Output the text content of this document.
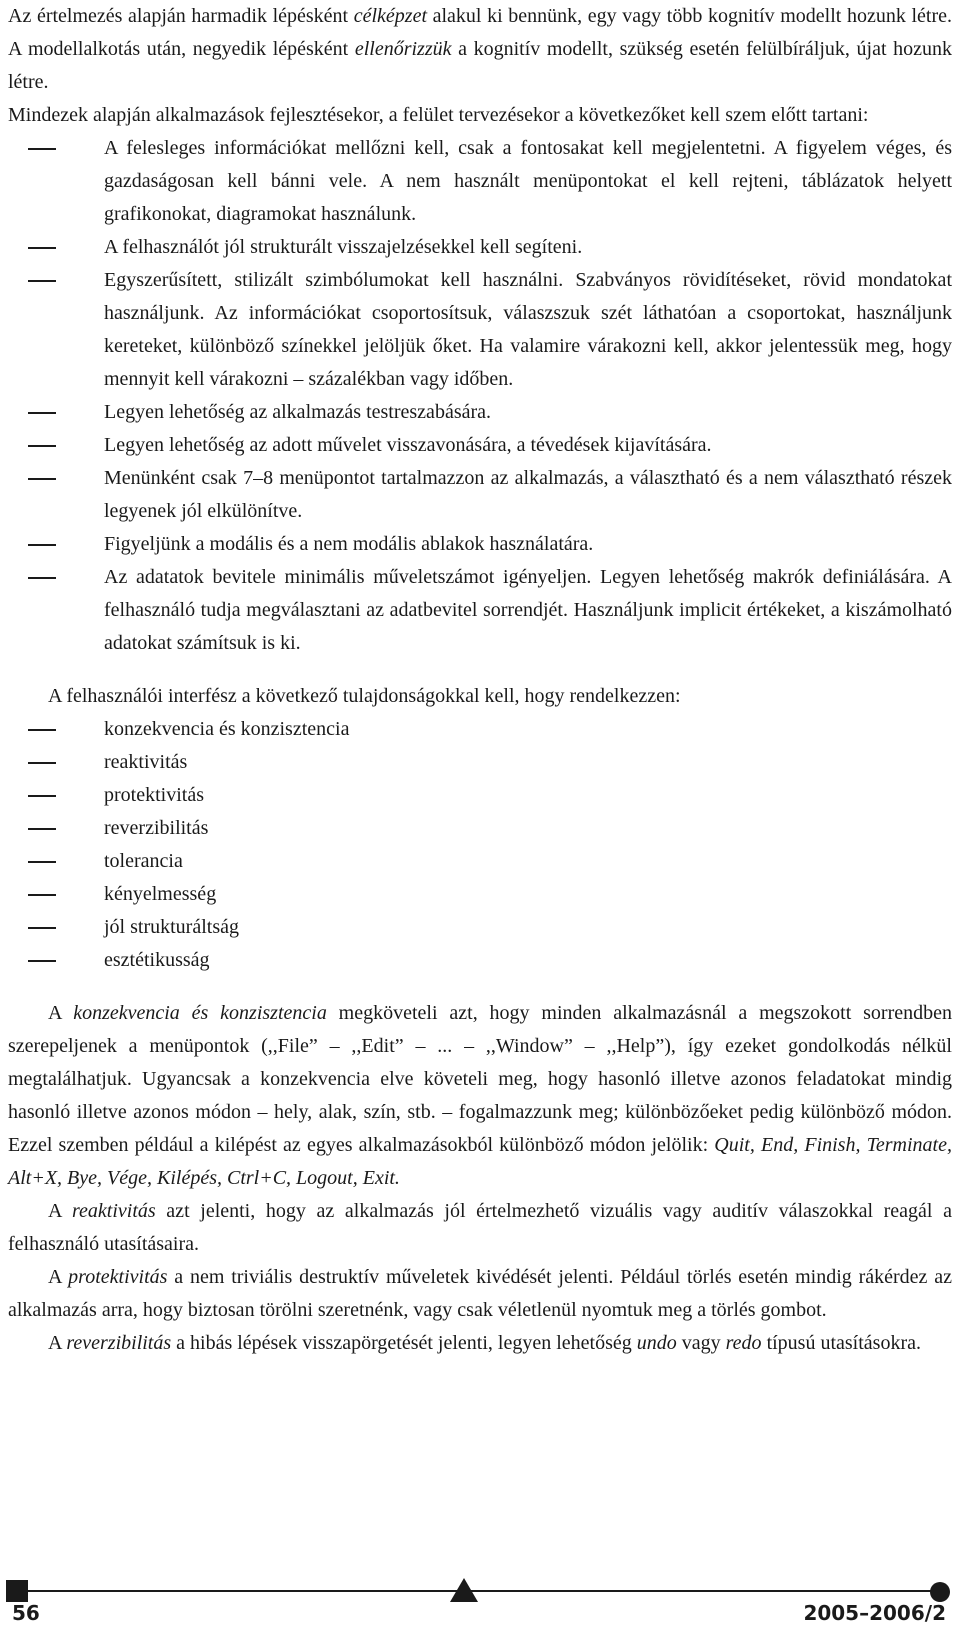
Az értelmezés alapján harmadik lépésként célképzet alakul ki bennünk, egy vagy több kognitív modellt hozunk létre. A modellalkotás után, negyedik lépésként ellenőrizzük a kognitív modellt, szükség esetén felülbíráljuk, újat hozunk létre.

Mindezek alapján alkalmazások fejlesztésekor, a felület tervezésekor a következőket kell szem előtt tartani:

A felesleges információkat mellőzni kell, csak a fontosakat kell megjelentetni. A figyelem véges, és gazdaságosan kell bánni vele. A nem használt menüpontokat el kell rejteni, táblázatok helyett grafikonokat, diagramokat használunk.
A felhasználót jól strukturált visszajelzésekkel kell segíteni.
Egyszerűsített, stilizált szimbólumokat kell használni. Szabványos rövidítéseket, rövid mondatokat használjunk. Az információkat csoportosítsuk, válaszszuk szét láthatóan a csoportokat, használjunk kereteket, különböző színekkel jelöljük őket. Ha valamire várakozni kell, akkor jelentessük meg, hogy mennyit kell várakozni – százalékban vagy időben.
Legyen lehetőség az alkalmazás testreszabására.
Legyen lehetőség az adott művelet visszavonására, a tévedések kijavítására.
Menünként csak 7–8 menüpontot tartalmazzon az alkalmazás, a választható és a nem választható részek legyenek jól elkülönítve.
Figyeljünk a modális és a nem modális ablakok használatára.
Az adatatok bevitele minimális műveletszámot igényeljen. Legyen lehetőség makrók definiálására. A felhasználó tudja megválasztani az adatbevitel sorrendjét. Használjunk implicit értékeket, a kiszámolható adatokat számítsuk is ki.

A felhasználói interfész a következő tulajdonságokkal kell, hogy rendelkezzen:

konzekvencia és konzisztencia
reaktivitás
protektivitás
reverzibilitás
tolerancia
kényelmesség
jól strukturáltság
esztétikusság

A konzekvencia és konzisztencia megköveteli azt, hogy minden alkalmazásnál a megszokott sorrendben szerepeljenek a menüpontok (,,File” – ,,Edit” – ... – ,,Window” – ,,Help”), így ezeket gondolkodás nélkül megtalálhatjuk. Ugyancsak a konzekvencia elve követeli meg, hogy hasonló illetve azonos feladatokat mindig hasonló illetve azonos módon – hely, alak, szín, stb. – fogalmazzunk meg; különbözőeket pedig különböző módon. Ezzel szemben például a kilépést az egyes alkalmazásokból különböző módon jelölik: Quit, End, Finish, Terminate, Alt+X, Bye, Vége, Kilépés, Ctrl+C, Logout, Exit.

A reaktivitás azt jelenti, hogy az alkalmazás jól értelmezhető vizuális vagy auditív válaszokkal reagál a felhasználó utasításaira.

A protektivitás a nem triviális destruktív műveletek kivédését jelenti. Például törlés esetén mindig rákérdez az alkalmazás arra, hogy biztosan törölni szeretnénk, vagy csak véletlenül nyomtuk meg a törlés gombot.

A reverzibilitás a hibás lépések visszapörgetését jelenti, legyen lehetőség undo vagy redo típusú utasításokra.

56	2005–2006/2
